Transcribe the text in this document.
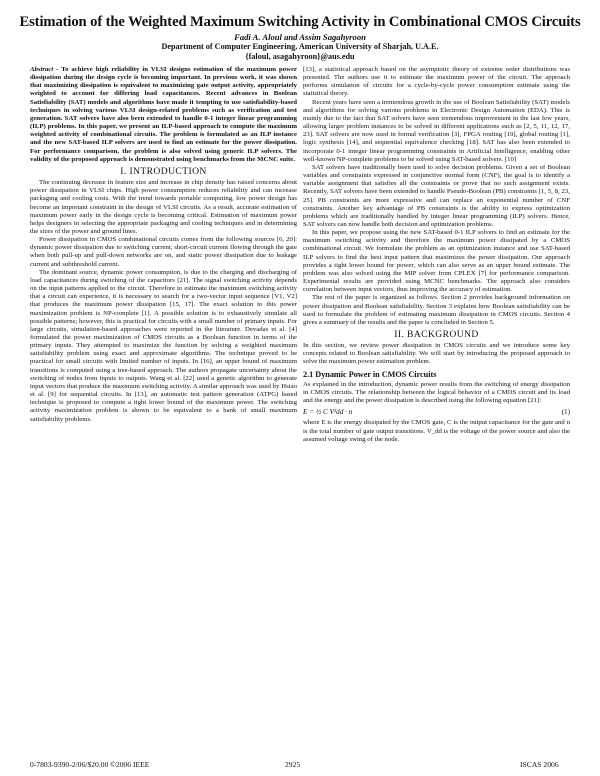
Estimation of the Weighted Maximum Switching Activity in Combinational CMOS Circuits
Fadi A. Aloul and Assim Sagahyroon
Department of Computer Engineering, American University of Sharjah, U.A.E.
{faloul, asagahyroon}@aus.edu

Abstract - To achieve high reliability in VLSI designs estimation of the maximum power dissipation during the design cycle is becoming important. In previous work, it was shown that maximizing dissipation is equivalent to maximizing gate output activity, appropriately weighted to account for differing load capacitances. Recent advances in Boolean Satisfiability (SAT) models and algorithms have made it tempting to use satisfiability-based techniques in solving various VLSI design-related problems such as verification and test generation. SAT solvers have also been extended to handle 0-1 integer linear programming (ILP) problems. In this paper, we present an ILP-based approach to compute the maximum weighted activity of combinational circuits. The problem is formulated as an ILP instance and the new SAT-based ILP solvers are used to find an estimate for the power dissipation. For performance comparison, the problem is also solved using generic ILP solvers. The validity of the proposed approach is demonstrated using benchmarks from the MCNC suite.

I. INTRODUCTION

The continuing decrease in feature size and increase in chip density has raised concerns about power dissipation in VLSI chips. High power consumption reduces reliability and can increase packaging and cooling costs. With the trend towards portable computing, low power design has become an important constraint in the design of VLSI circuits. As a result, accurate estimation of maximum power early in the design cycle is becoming critical. Estimation of maximum power helps designers in selecting the appropriate packaging and cooling techniques and in determining the sizes of the power and ground lines.

Power dissipation in CMOS combinational circuits comes from the following sources [6, 20]: dynamic power dissipation due to switching current, short-circuit current flowing through the gate when both pull-up and pull-down networks are on, and static power dissipation due to leakage current and subthreshold current.

The dominant source, dynamic power consumption, is due to the charging and discharging of load capacitances during switching of the capacitors [21]. The signal switching activity depends on the input patterns applied to the circuit. Therefore to estimate the maximum switching activity that a circuit can experience, it is necessary to search for a two-vector input sequence [V1, V2] that produces the maximum power dissipation [15, 17]. The exact solution to this power maximization problem is NP-complete [1]. A possible solution is to exhaustively simulate all possible patterns; however, this is practical for circuits with a small number of primary inputs. For large circuits, simulation-based approaches were reported in the literature. Devadas et al. [4] formulated the power maximization of CMOS circuits as a Boolean function in terms of the primary inputs. They attempted to maximize the function by solving a weighted maximum satisfiability problem using exact and approximate algorithms. The technique proved to be practical for small circuits with limited number of inputs. In [16], an upper bound of maximum transitions is computed using a tree-based approach. The authors propagate uncertainty about the switching of nodes from inputs to outputs. Wang et al. [22] used a genetic algorithm to generate input vectors that produce the maximum switching activity. A similar approach was used by Hsiao et al. [9] for sequential circuits. In [13], an automatic test pattern generation (ATPG) based technique is proposed to compute a tight lower bound of the maximum power. The switching activity maximization problem is shown to be equivalent to a bank of small maximum satisfiability problems.

[13], a statistical approach based on the asymptotic theory of extreme order distributions was presented. The authors use it to estimate the maximum power of the circuit. The approach performs simulation of circuits for a cycle-by-cycle power consumption estimate using the statistical theory.

Recent years have seen a tremendous growth in the use of Boolean Satisfiability (SAT) models and algorithms for solving various problems in Electronic Design Automation (EDA). This is mainly due to the fact that SAT solvers have seen tremendous improvement in the last few years, allowing larger problem instances to be solved in different applications such as [2, 5, 11, 12, 17, 23]. SAT solvers are now used in formal verification [3], FPGA routing [19], global routing [1], logic synthesis [14], and sequential equivalence checking [18]. SAT has also been extended to incorporate 0-1 integer linear programming constraints in Artificial Intelligence, enabling other well-known NP-complete problems to be solved using SAT-based solvers. [10]

SAT solvers have traditionally been used to solve decision problems. Given a set of Boolean variables and constraints expressed in conjunctive normal form (CNF), the goal is to identify a variable assignment that satisfies all the constraints or prove that no such assignment exists. Recently, SAT solvers have been extended to handle Pseudo-Boolean (PB) constraints [1, 5, 8, 23, 25]. PB constraints are more expressive and can replace an exponential number of CNF constraints. Another key advantage of PB constraints is the ability to express optimization problems which are traditionally handled by integer linear programming (ILP) solvers. Hence, SAT solvers can now handle both decision and optimization problems.

In this paper, we propose using the new SAT-based 0-1 ILP solvers to find an estimate for the maximum switching activity and therefore the maximum power dissipated by a CMOS combinational circuit. We formulate the problem as an optimization instance and use SAT-based ILP solvers to find the best input pattern that maximizes the power dissipation. Our approach provides a tight lower bound for power, which can also serve as an upper bound estimate. The problem was also solved using the MIP solver from CPLEX [7] for performance comparison. Experimental results are provided using MCNC benchmarks. The approach also considers correlation between input vectors, thus improving the accuracy of estimation.

The rest of the paper is organized as follows. Section 2 provides background information on power dissipation and Boolean satisfiability. Section 3 explains how Boolean satisfiability can be used to formulate the problem of estimating maximum dissipation in CMOS circuits. Section 4 gives a summary of the results and the paper is concluded in Section 5.

II. BACKGROUND

In this section, we review power dissipation in CMOS circuits and we introduce some key concepts related to Boolean satisfiability. We will start by introducing the proposed approach to solve the maximum power estimation problem.

2.1 Dynamic Power in CMOS Circuits

As explained in the introduction, dynamic power results from the switching of energy dissipation in CMOS circuits. The relationship between the logical behavior of a CMOS circuit and its load and the energy and the power dissipation is described using the following equation [21]:

E = ½ C V²dd · n	(1)

where E is the energy dissipated by the CMOS gate, C is the output capacitance for the gate and n is the total number of gate output transitions. V_dd is the voltage of the power source and also the assumed voltage swing of the node.

0-7803-9390-2/06/$20.00 ©2006 IEEE	2925	ISCAS 2006
